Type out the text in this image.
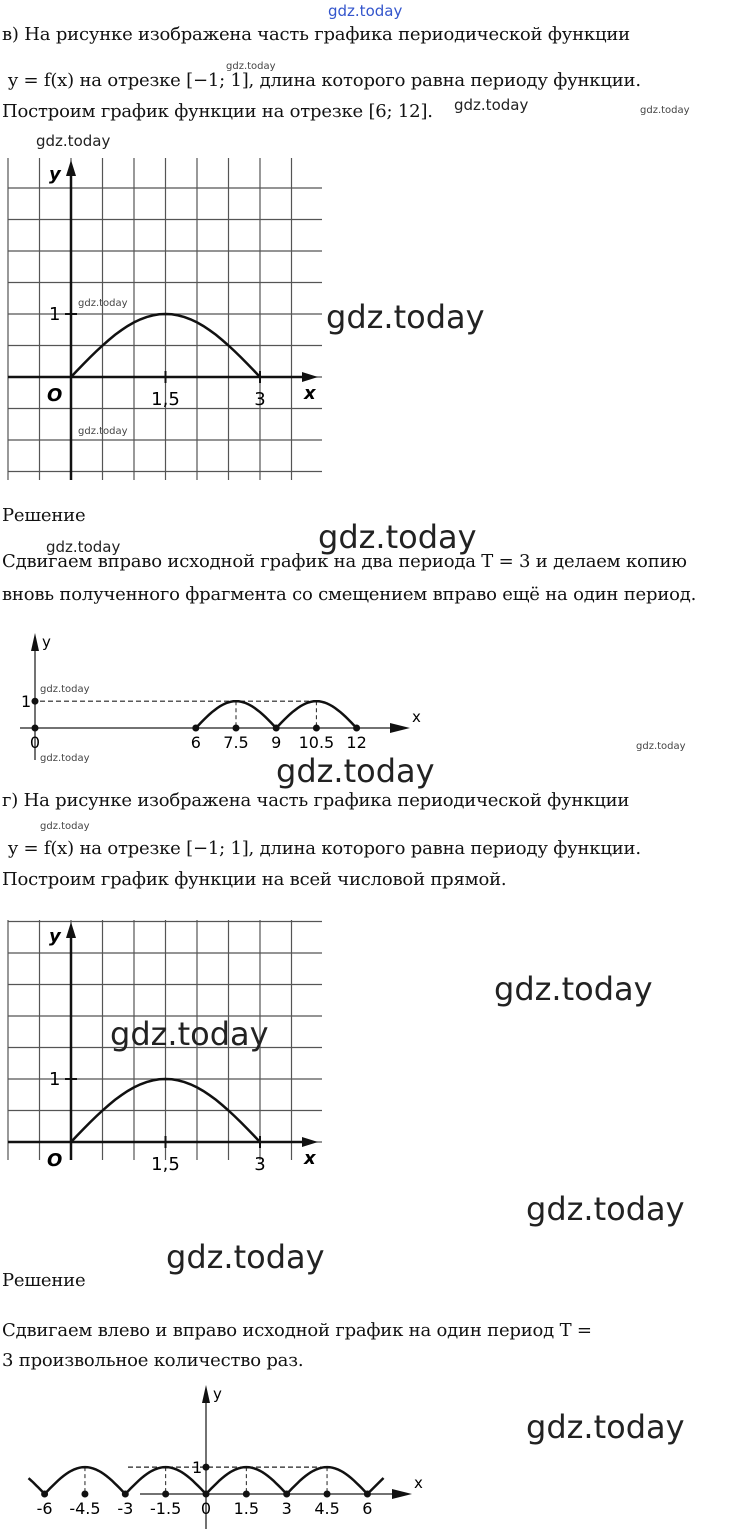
gdz.today
в) На рисунке изображена часть графика периодической функции
y = f(x) на отрезке [−1; 1], длина которого равна периоду функции.
Построим график функции на отрезке [6; 12].
gdz.today
gdz.today	gdz.today
gdz.today
y
x
O
1
1,5	3
gdz.today
gdz.today
gdz.today
Решение
gdz.today
gdz.today
Сдвигаем вправо исходной график на два периода T = 3 и делаем копию
вновь полученного фрагмента со смещением вправо ещё на один период.
x
y
0	6 7.5 9 10.5 12
1
gdz.today
gdz.today
gdz.today
gdz.today
г) На рисунке изображена часть графика периодической функции
gdz.today
y = f(x) на отрезке [−1; 1], длина которого равна периоду функции.
Построим график функции на всей числовой прямой.
y
x
O
1
1,5	3
gdz.today
gdz.today
gdz.today
gdz.today
Решение
Сдвигаем влево и вправо исходной график на один период T =
3 произвольное количество раз.
x
y
-6 -4.5 -3 -1.5 0 1.5 3 4.5 6
1
gdz.today
